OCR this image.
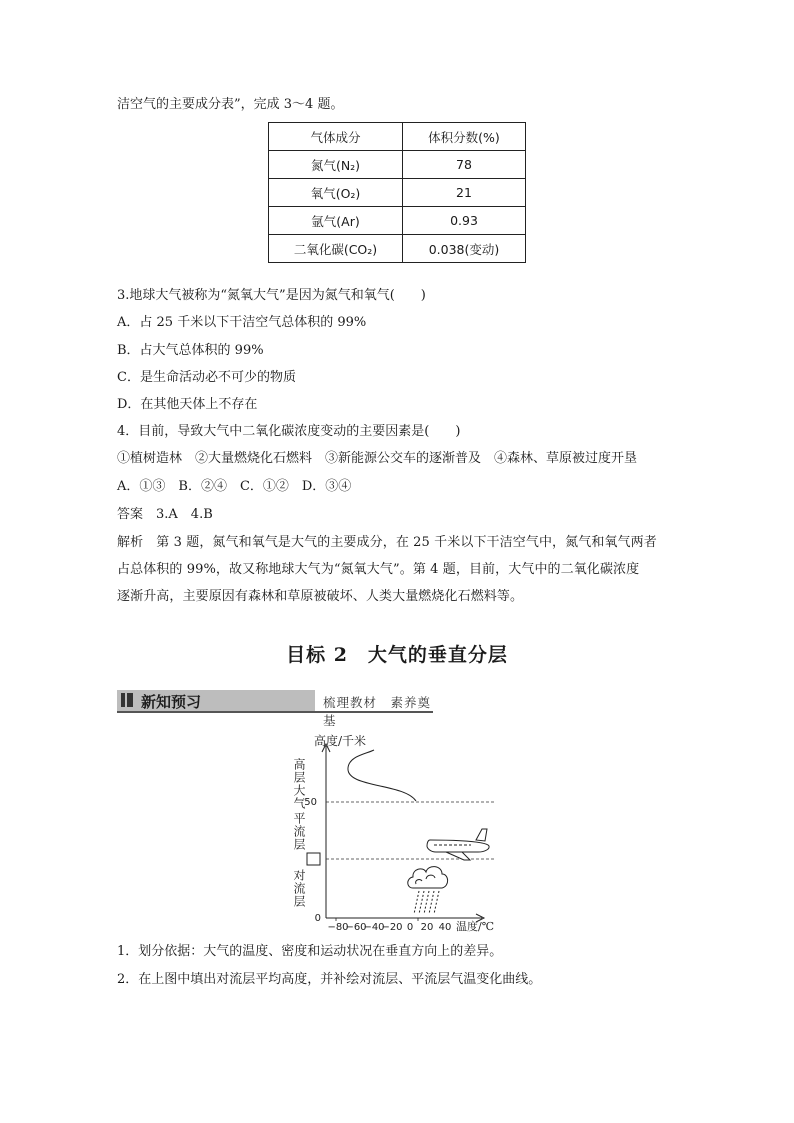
洁空气的主要成分表”，完成 3～4 题。
气体成分	体积分数(%)
氮气(N₂)	78
氧气(O₂)	21
氩气(Ar)	0.93
二氧化碳(CO₂)	0.038(变动)
3.地球大气被称为“氮氧大气”是因为氮气和氧气(　　)
A．占 25 千米以下干洁空气总体积的 99%
B．占大气总体积的 99%
C．是生命活动必不可少的物质
D．在其他天体上不存在
4．目前，导致大气中二氧化碳浓度变动的主要因素是(　　)
①植树造林　②大量燃烧化石燃料　③新能源公交车的逐渐普及　④森林、草原被过度开垦
A．①③　B．②④　C．①②　D．③④
答案　3.A　4.B

解析　第 3 题，氮气和氧气是大气的主要成分，在 25 千米以下干洁空气中，氮气和氧气两者

占总体积的 99%，故又称地球大气为“氮氧大气”。第 4 题，目前，大气中的二氧化碳浓度

逐渐升高，主要原因有森林和草原被破坏、人类大量燃烧化石燃料等。

目标 2　大气的垂直分层
新知预习	梳理教材　素养奠基
高度/千米
50
0
高层大气
平流层
对流层
−80
−60
−40
−20 0 20 40 温度/℃
1．划分依据：大气的温度、密度和运动状况在垂直方向上的差异。
2．在上图中填出对流层平均高度，并补绘对流层、平流层气温变化曲线。
